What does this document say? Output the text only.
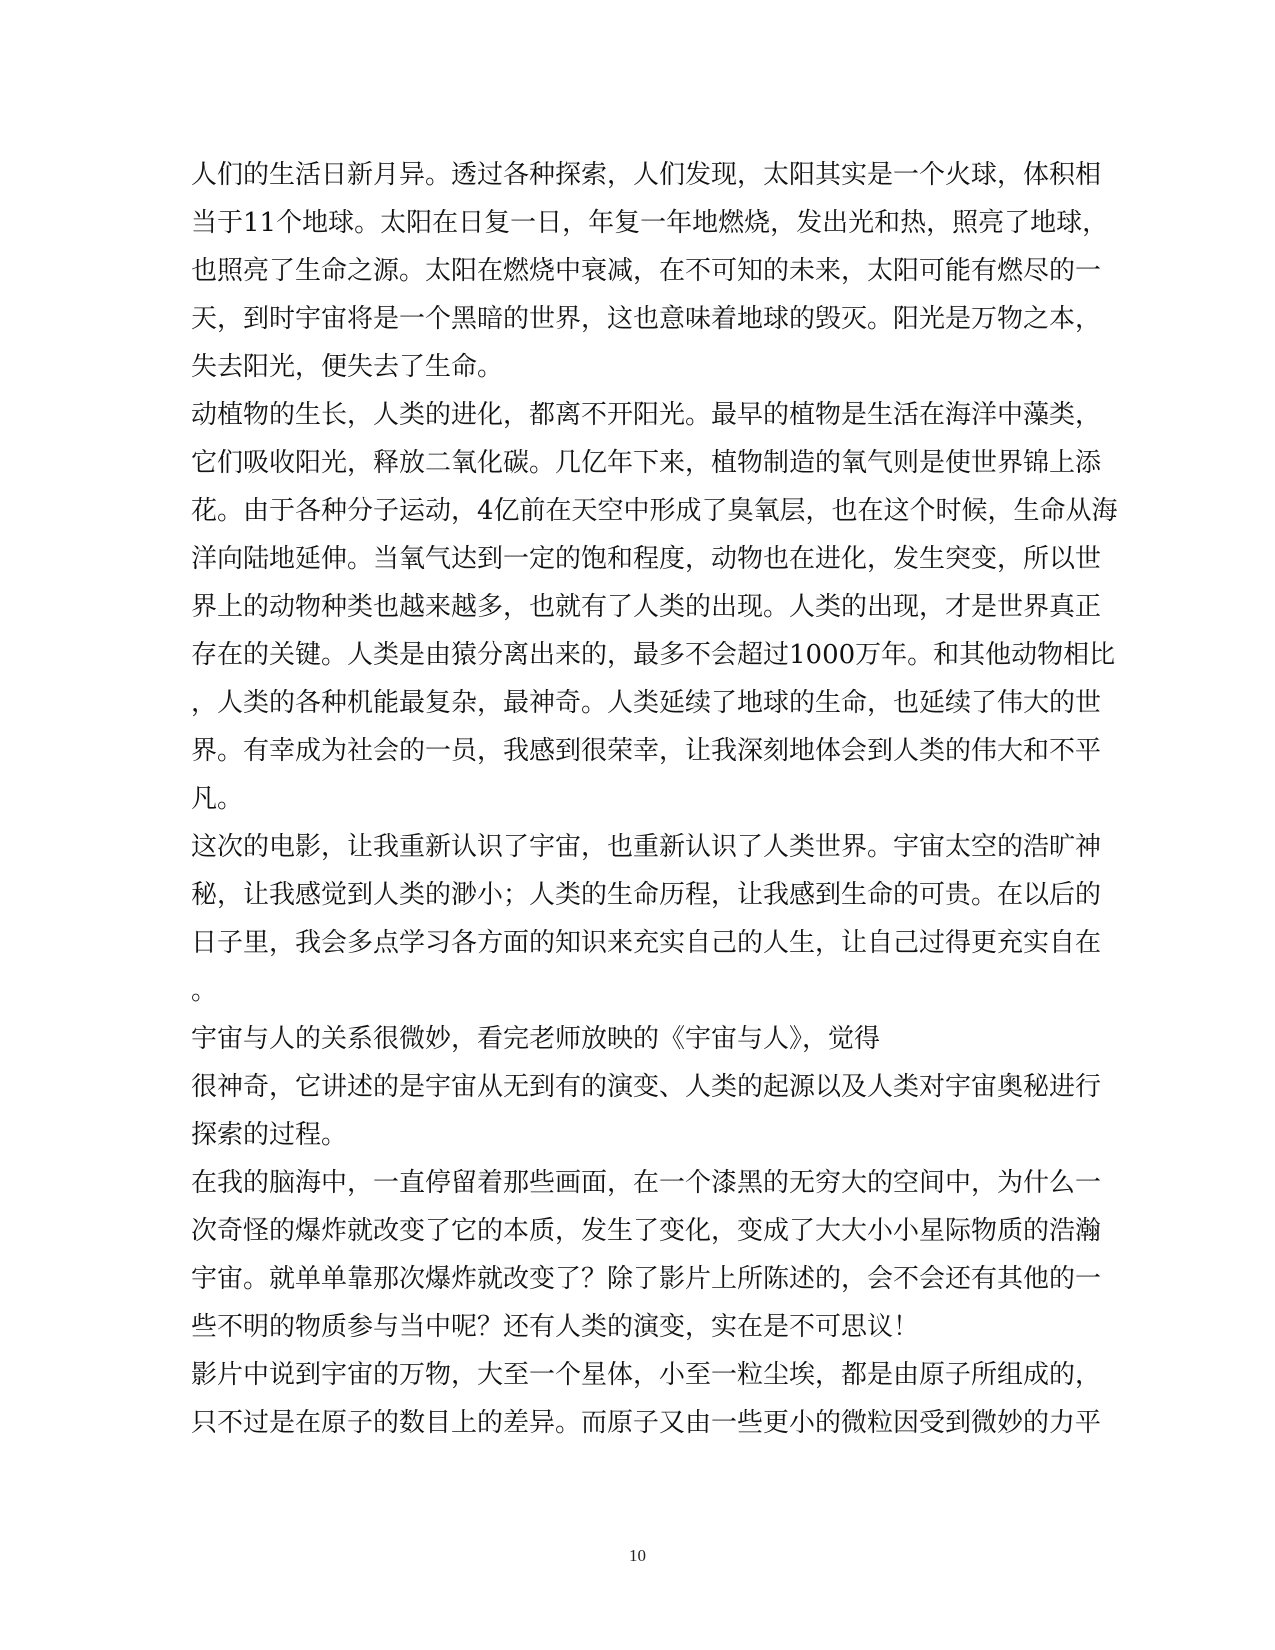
人们的生活日新月异。透过各种探索，人们发现，太阳其实是一个火球，体积相
当于11个地球。太阳在日复一日，年复一年地燃烧，发出光和热，照亮了地球，
也照亮了生命之源。太阳在燃烧中衰减，在不可知的未来，太阳可能有燃尽的一
天，到时宇宙将是一个黑暗的世界，这也意味着地球的毁灭。阳光是万物之本，
失去阳光，便失去了生命。
动植物的生长，人类的进化，都离不开阳光。最早的植物是生活在海洋中藻类，
它们吸收阳光，释放二氧化碳。几亿年下来，植物制造的氧气则是使世界锦上添
花。由于各种分子运动，4亿前在天空中形成了臭氧层，也在这个时候，生命从海
洋向陆地延伸。当氧气达到一定的饱和程度，动物也在进化，发生突变，所以世
界上的动物种类也越来越多，也就有了人类的出现。人类的出现，才是世界真正
存在的关键。人类是由猿分离出来的，最多不会超过1000万年。和其他动物相比
，人类的各种机能最复杂，最神奇。人类延续了地球的生命，也延续了伟大的世
界。有幸成为社会的一员，我感到很荣幸，让我深刻地体会到人类的伟大和不平
凡。
这次的电影，让我重新认识了宇宙，也重新认识了人类世界。宇宙太空的浩旷神
秘，让我感觉到人类的渺小；人类的生命历程，让我感到生命的可贵。在以后的
日子里，我会多点学习各方面的知识来充实自己的人生，让自己过得更充实自在
。
宇宙与人的关系很微妙，看完老师放映的《宇宙与人》，觉得
很神奇，它讲述的是宇宙从无到有的演变、人类的起源以及人类对宇宙奥秘进行
探索的过程。
在我的脑海中，一直停留着那些画面，在一个漆黑的无穷大的空间中，为什么一
次奇怪的爆炸就改变了它的本质，发生了变化，变成了大大小小星际物质的浩瀚
宇宙。就单单靠那次爆炸就改变了？除了影片上所陈述的，会不会还有其他的一
些不明的物质参与当中呢？还有人类的演变，实在是不可思议！
影片中说到宇宙的万物，大至一个星体，小至一粒尘埃，都是由原子所组成的，
只不过是在原子的数目上的差异。而原子又由一些更小的微粒因受到微妙的力平
10
